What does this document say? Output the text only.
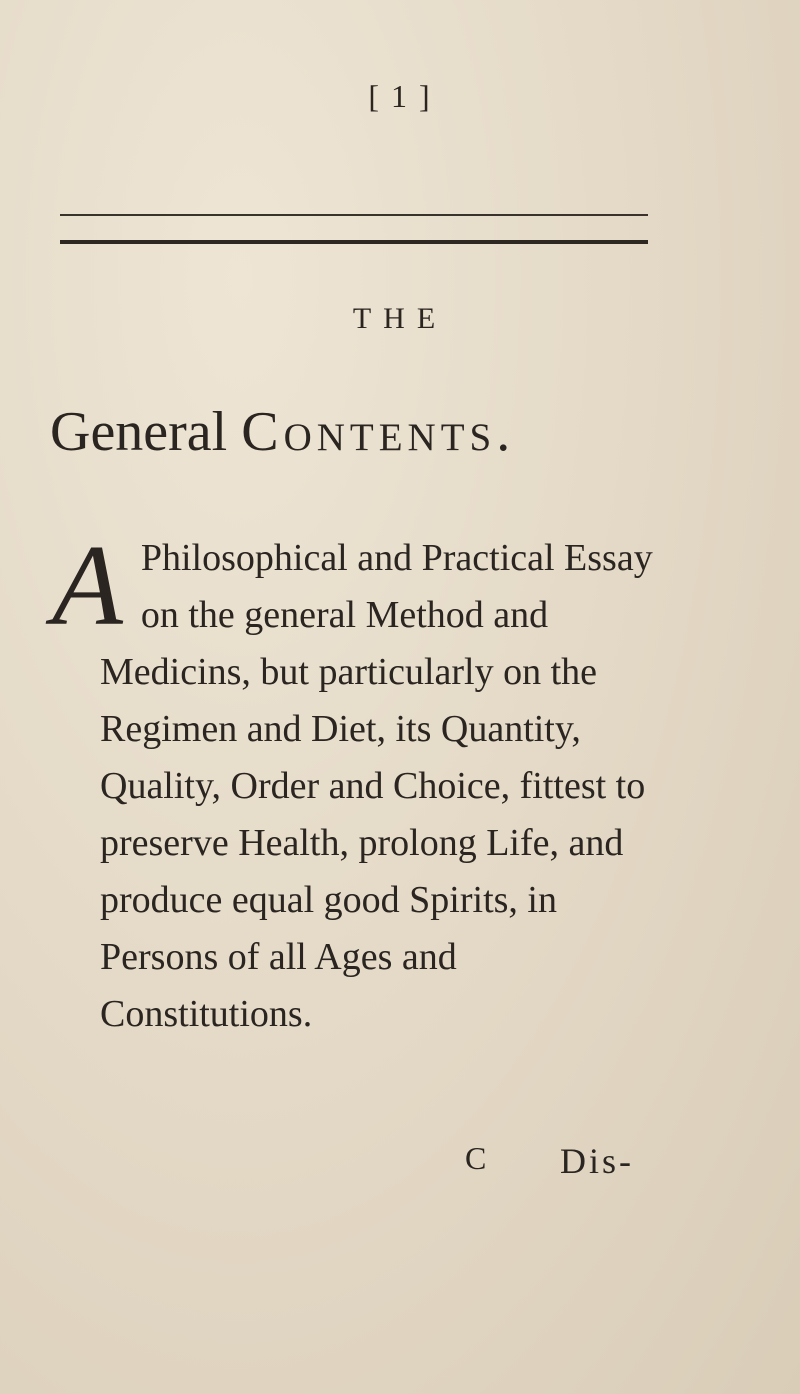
[ 1 ]
THE
General Contents.
A Philosophical and Practical Essay on the general Method and Medicins, but particularly on the Regimen and Diet, its Quantity, Quality, Order and Choice, fittest to preserve Health, prolong Life, and produce equal good Spirits, in Persons of all Ages and Constitutions.
C Dis-
